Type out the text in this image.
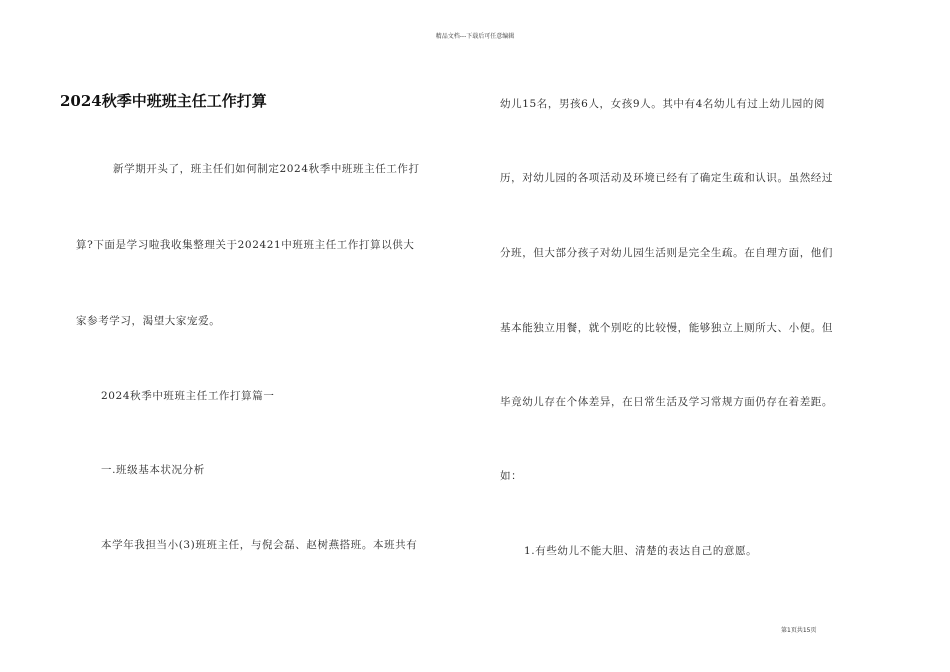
精品文档---下载后可任意编辑
2024秋季中班班主任工作打算
新学期开头了，班主任们如何制定2024秋季中班班主任工作打
算?下面是学习啦我收集整理关于202421中班班主任工作打算以供大
家参考学习，渴望大家宠爱。
2024秋季中班班主任工作打算篇一
一.班级基本状况分析
本学年我担当小(3)班班主任，与倪会磊、赵树燕搭班。本班共有
幼儿15名，男孩6人，女孩9人。其中有4名幼儿有过上幼儿园的阅
历，对幼儿园的各项活动及环境已经有了确定生疏和认识。虽然经过
分班，但大部分孩子对幼儿园生活则是完全生疏。在自理方面，他们
基本能独立用餐，就个别吃的比较慢，能够独立上厕所大、小便。但
毕竟幼儿存在个体差异，在日常生活及学习常规方面仍存在着差距。
如：
1.有些幼儿不能大胆、清楚的表达自己的意愿。
第1页共15页
